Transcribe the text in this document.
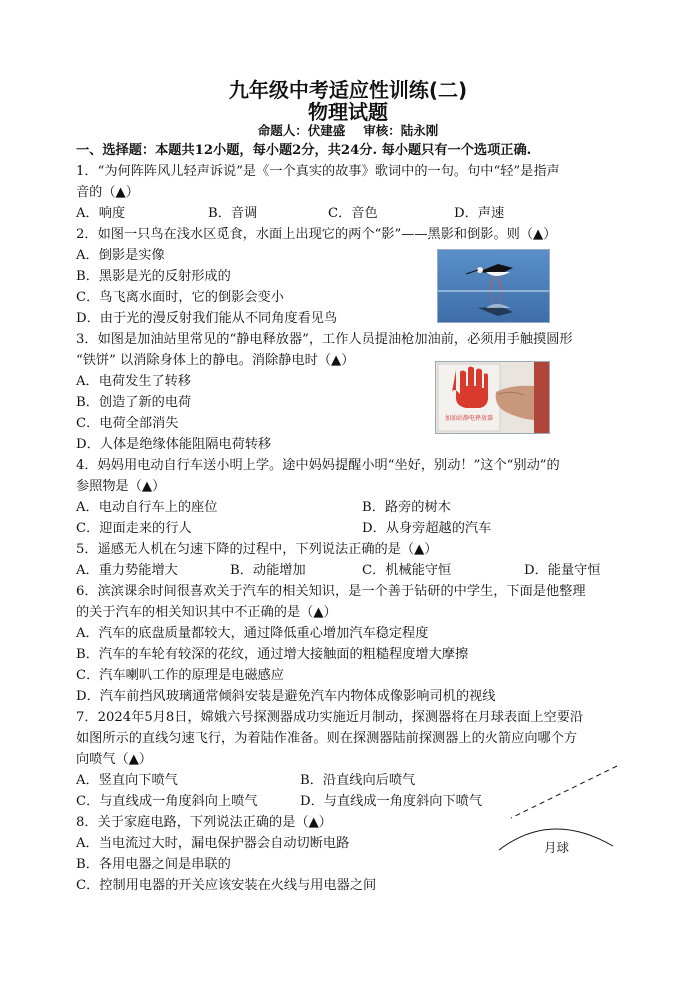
九年级中考适应性训练(二)
物理试题
命题人：伏建盛 审核：陆永刚
一、选择题：本题共12小题，每小题2分，共24分. 每小题只有一个选项正确.
1．“为何阵阵风儿轻声诉说”是《一个真实的故事》歌词中的一句。句中“轻”是指声
音的（▲）
A．响度	B．音调	C．音色	D．声速
2．如图一只鸟在浅水区觅食，水面上出现它的两个“影”——黑影和倒影。则（▲）
A．倒影是实像
B．黑影是光的反射形成的
C．鸟飞离水面时，它的倒影会变小
D．由于光的漫反射我们能从不同角度看见鸟
3．如图是加油站里常见的“静电释放器”，工作人员提油枪加油前，必须用手触摸圆形
“铁饼” 以消除身体上的静电。消除静电时（▲）
A．电荷发生了转移
B．创造了新的电荷
C．电荷全部消失
D．人体是绝缘体能阻隔电荷转移
加油站静电释放器
4．妈妈用电动自行车送小明上学。途中妈妈提醒小明“坐好，别动！”这个“别动”的
参照物是（▲）
A．电动自行车上的座位	B．路旁的树木
C．迎面走来的行人	D．从身旁超越的汽车
5．遥感无人机在匀速下降的过程中，下列说法正确的是（▲）
A．重力势能增大	B．动能增加	C．机械能守恒	D．能量守恒
6．滨滨课余时间很喜欢关于汽车的相关知识，是一个善于钻研的中学生，下面是他整理
的关于汽车的相关知识其中不正确的是（▲）
A．汽车的底盘质量都较大，通过降低重心增加汽车稳定程度
B．汽车的车轮有较深的花纹，通过增大接触面的粗糙程度增大摩擦
C．汽车喇叭工作的原理是电磁感应
D．汽车前挡风玻璃通常倾斜安装是避免汽车内物体成像影响司机的视线
7．2024年5月8日，嫦娥六号探测器成功实施近月制动，探测器将在月球表面上空要沿
如图所示的直线匀速飞行，为着陆作准备。则在探测器陆前探测器上的火箭应向哪个方
向喷气（▲）
A．竖直向下喷气	B．沿直线向后喷气
C．与直线成一角度斜向上喷气	D．与直线成一角度斜向下喷气
月球
8．关于家庭电路，下列说法正确的是（▲）
A．当电流过大时，漏电保护器会自动切断电路
B．各用电器之间是串联的
C．控制用电器的开关应该安装在火线与用电器之间
